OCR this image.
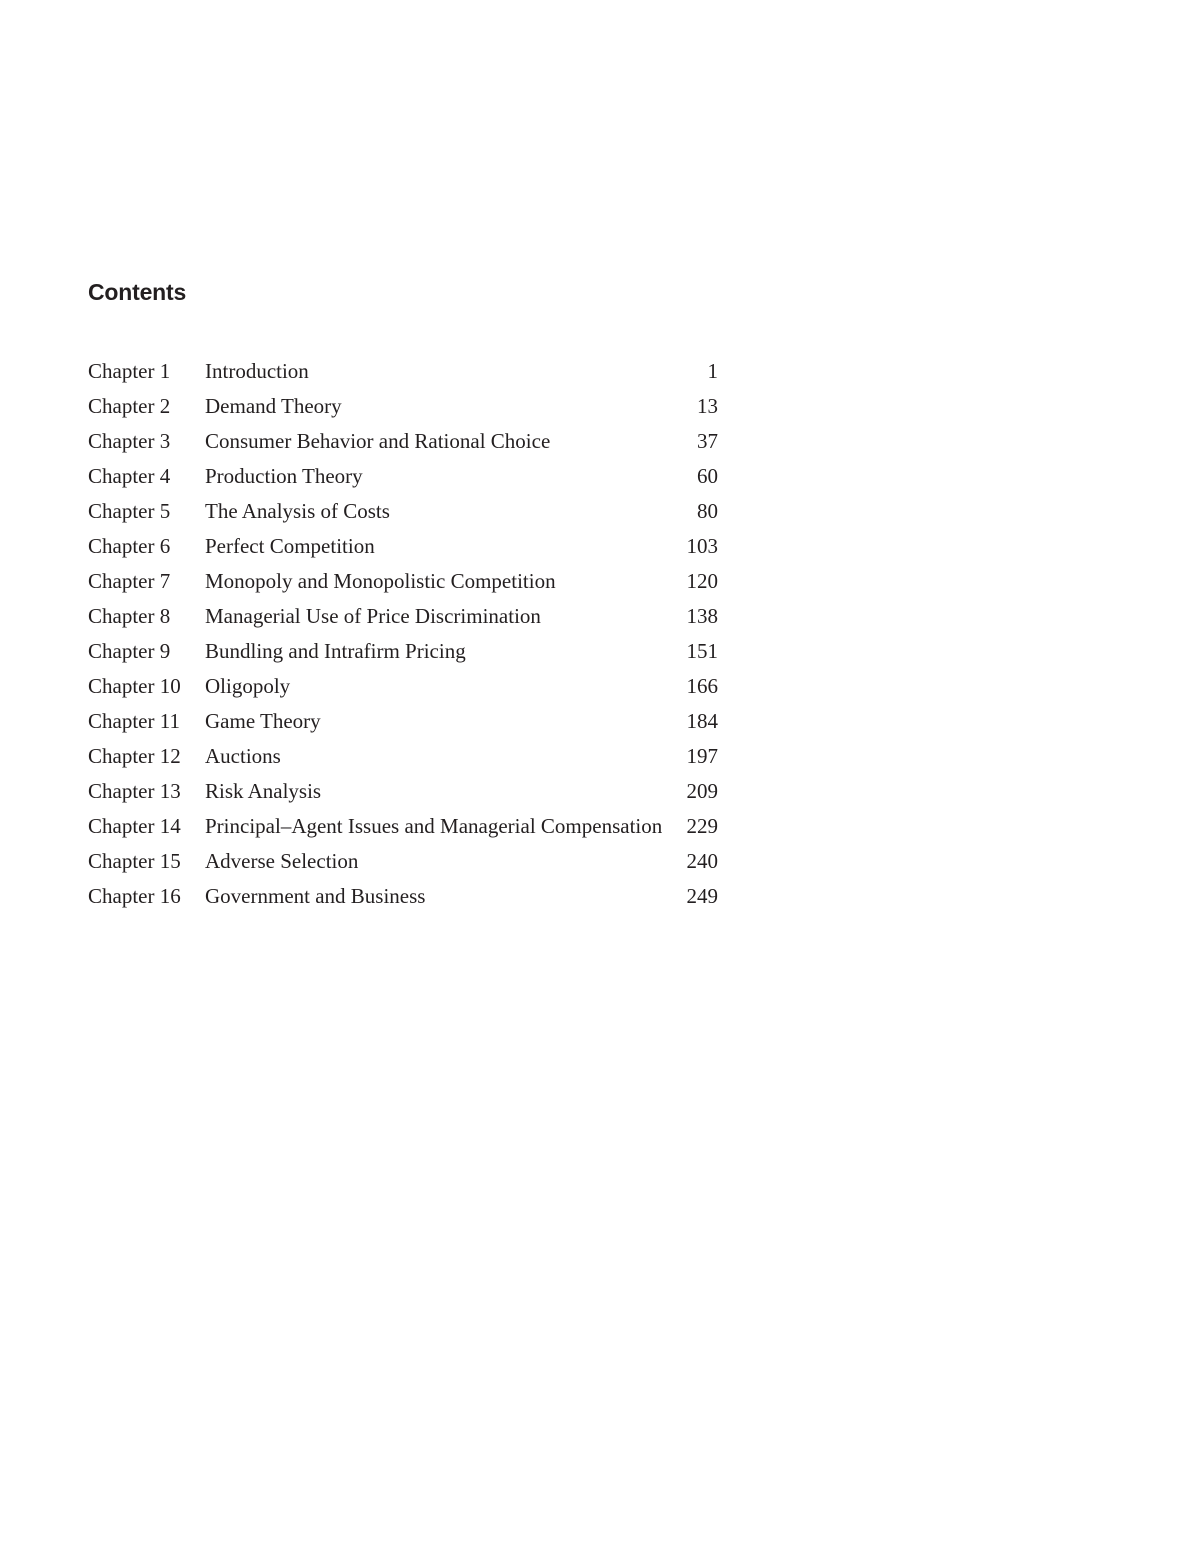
Contents
Chapter 1	Introduction	1
Chapter 2	Demand Theory	13
Chapter 3	Consumer Behavior and Rational Choice	37
Chapter 4	Production Theory	60
Chapter 5	The Analysis of Costs	80
Chapter 6	Perfect Competition	103
Chapter 7	Monopoly and Monopolistic Competition	120
Chapter 8	Managerial Use of Price Discrimination	138
Chapter 9	Bundling and Intrafirm Pricing	151
Chapter 10	Oligopoly	166
Chapter 11	Game Theory	184
Chapter 12	Auctions	197
Chapter 13	Risk Analysis	209
Chapter 14	Principal–Agent Issues and Managerial Compensation	229
Chapter 15	Adverse Selection	240
Chapter 16	Government and Business	249
